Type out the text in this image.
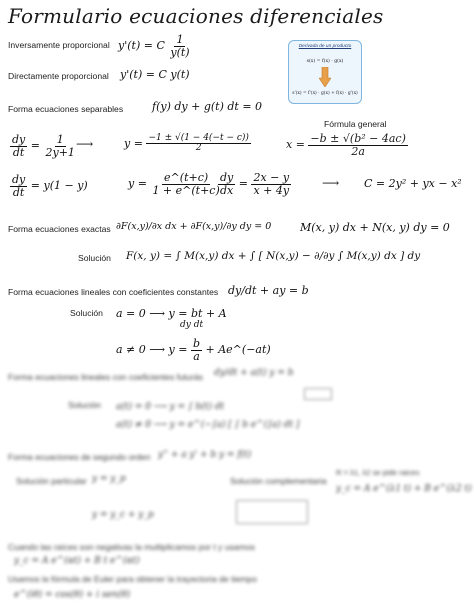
Formulario ecuaciones diferenciales
Inversamente proporcional y'(t) = C $\frac{1}{y(t)}$	Derivada de un producto
s(x) = f(x) · g(x)
s'(x) = f'(x) · g(x) + f(x) · g'(x)
Directamente proporcional y'(t) = C y(t)
Forma ecuaciones separables	f(y) dy + g(t) dt = 0
$\frac{dy}{dt} = \frac{1}{2y+1}$ ⟶	$y = \frac{-1 \pm √(1 - 4(-t - c))}{2}$
Fórmula general
$x = \frac{\text{−b ± √(b² − 4ac)}}{2a}$
$\frac{dy}{dt} = y(1 - y)$	$y = \frac{e\^{}(t+c)}{1 + e\^{}(t+c)}$
$\frac{dy}{dx} = \frac{2x - y}{x + 4y}$	⟶ C = 2y² + yx − x²
Forma ecuaciones exactas ∂F(x,y)/∂x dx + ∂F(x,y)/∂y dy = 0	M(x, y) dx + N(x, y) dy = 0
Solución F(x, y) = ∫ M(x,y) dx + ∫ [ N(x,y) − ∂/∂y ∫ M(x,y) dx ] dy
Forma ecuaciones lineales con coeficientes constantes dy/dt + ay = b
Solución a = 0 ⟶ y = bt + A
dy dt
a ≠ 0 ⟶ $y = \frac{b}{a}$ + Ae^(−at)
Forma ecuaciones lineales con coeficientes futurás dy/dt + a(t) y = b
Solución a(t) = 0 ⟶ y = ∫ b(t) dt
a(t) ≠ 0 ⟶ y = e^(−∫a) [ ∫ b e^(∫a) dt ]
Forma ecuaciones de segundo orden y'' + a y' + b y = f(t)
Solución particular y = y_p	Solución complementaria
R = λ1, λ2 se pide raices
y_c = A e^(λ1 t) + B e^(λ2 t)
y = y_c + y_p
Cuando las raíces son negativas la multiplicamos por t y usamos
y_c = A e^(αt) + B t e^(αt)
Usamos la fórmula de Euler para obtener la trayectoria de tiempo
e^(iθ) = cos(θ) + i sen(θ)
